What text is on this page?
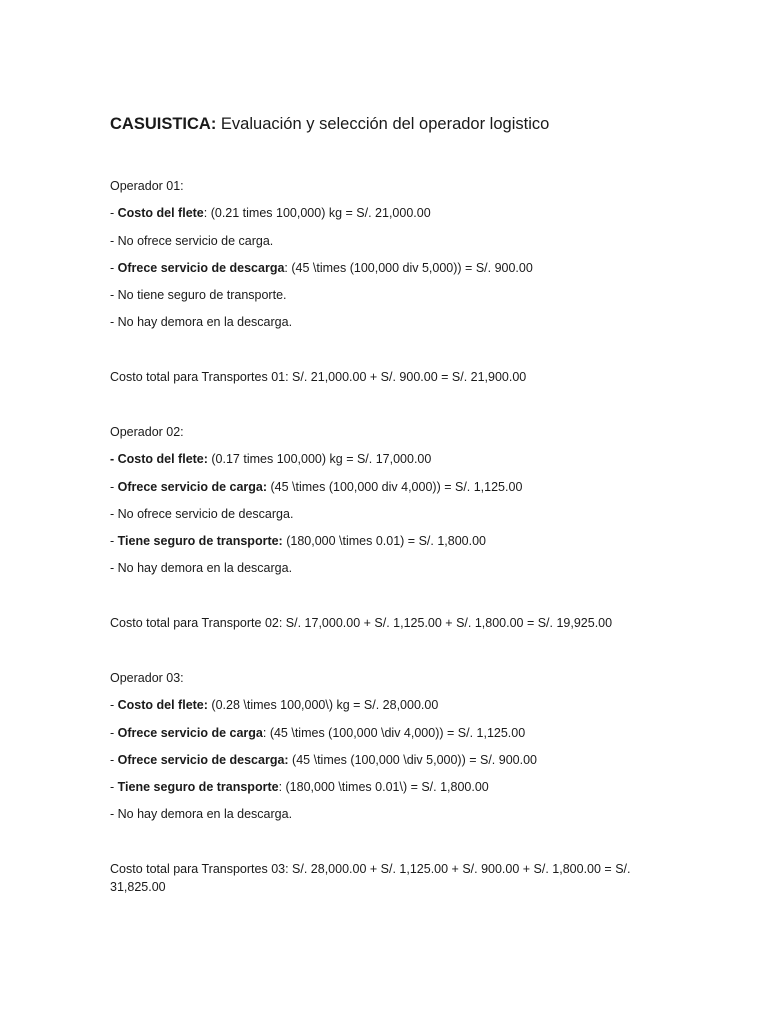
CASUISTICA: Evaluación y selección del operador logistico
Operador 01:
- Costo del flete: (0.21 times 100,000) kg = S/. 21,000.00
- No ofrece servicio de carga.
- Ofrece servicio de descarga: (45 \times (100,000 div 5,000)) = S/. 900.00
- No tiene seguro de transporte.
- No hay demora en la descarga.
Costo total para Transportes 01: S/. 21,000.00 + S/. 900.00 = S/. 21,900.00
Operador 02:
- Costo del flete: (0.17 times 100,000) kg = S/. 17,000.00
- Ofrece servicio de carga: (45 \times (100,000 div 4,000)) = S/. 1,125.00
- No ofrece servicio de descarga.
- Tiene seguro de transporte: (180,000 \times 0.01) = S/. 1,800.00
- No hay demora en la descarga.
Costo total para Transporte 02: S/. 17,000.00 + S/. 1,125.00 + S/. 1,800.00 = S/. 19,925.00
Operador 03:
- Costo del flete: (0.28 \times 100,000\) kg = S/. 28,000.00
- Ofrece servicio de carga: (45 \times (100,000 \div 4,000)) = S/. 1,125.00
- Ofrece servicio de descarga: (45 \times (100,000 \div 5,000)) = S/. 900.00
- Tiene seguro de transporte: (180,000 \times 0.01\) = S/. 1,800.00
- No hay demora en la descarga.
Costo total para Transportes 03: S/. 28,000.00 + S/. 1,125.00 + S/. 900.00 + S/. 1,800.00 = S/. 31,825.00
